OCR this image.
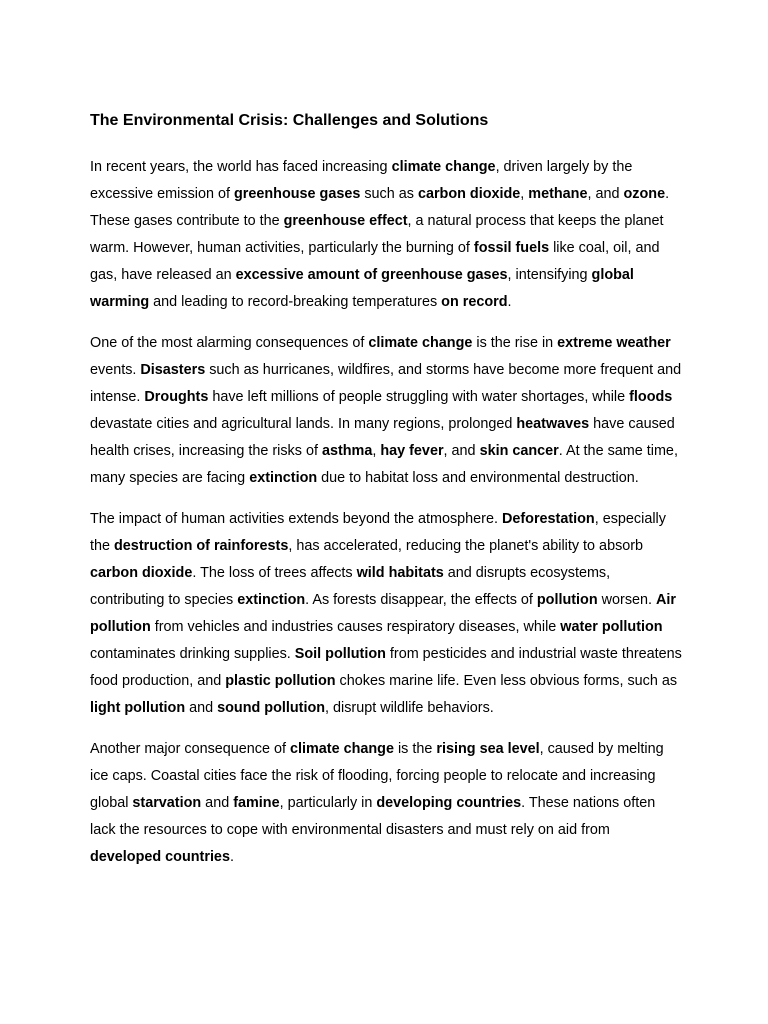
The Environmental Crisis: Challenges and Solutions

In recent years, the world has faced increasing climate change, driven largely by the excessive emission of greenhouse gases such as carbon dioxide, methane, and ozone. These gases contribute to the greenhouse effect, a natural process that keeps the planet warm. However, human activities, particularly the burning of fossil fuels like coal, oil, and gas, have released an excessive amount of greenhouse gases, intensifying global warming and leading to record-breaking temperatures on record.

One of the most alarming consequences of climate change is the rise in extreme weather events. Disasters such as hurricanes, wildfires, and storms have become more frequent and intense. Droughts have left millions of people struggling with water shortages, while floods devastate cities and agricultural lands. In many regions, prolonged heatwaves have caused health crises, increasing the risks of asthma, hay fever, and skin cancer. At the same time, many species are facing extinction due to habitat loss and environmental destruction.

The impact of human activities extends beyond the atmosphere. Deforestation, especially the destruction of rainforests, has accelerated, reducing the planet's ability to absorb carbon dioxide. The loss of trees affects wild habitats and disrupts ecosystems, contributing to species extinction. As forests disappear, the effects of pollution worsen. Air pollution from vehicles and industries causes respiratory diseases, while water pollution contaminates drinking supplies. Soil pollution from pesticides and industrial waste threatens food production, and plastic pollution chokes marine life. Even less obvious forms, such as light pollution and sound pollution, disrupt wildlife behaviors.

Another major consequence of climate change is the rising sea level, caused by melting ice caps. Coastal cities face the risk of flooding, forcing people to relocate and increasing global starvation and famine, particularly in developing countries. These nations often lack the resources to cope with environmental disasters and must rely on aid from developed countries.
